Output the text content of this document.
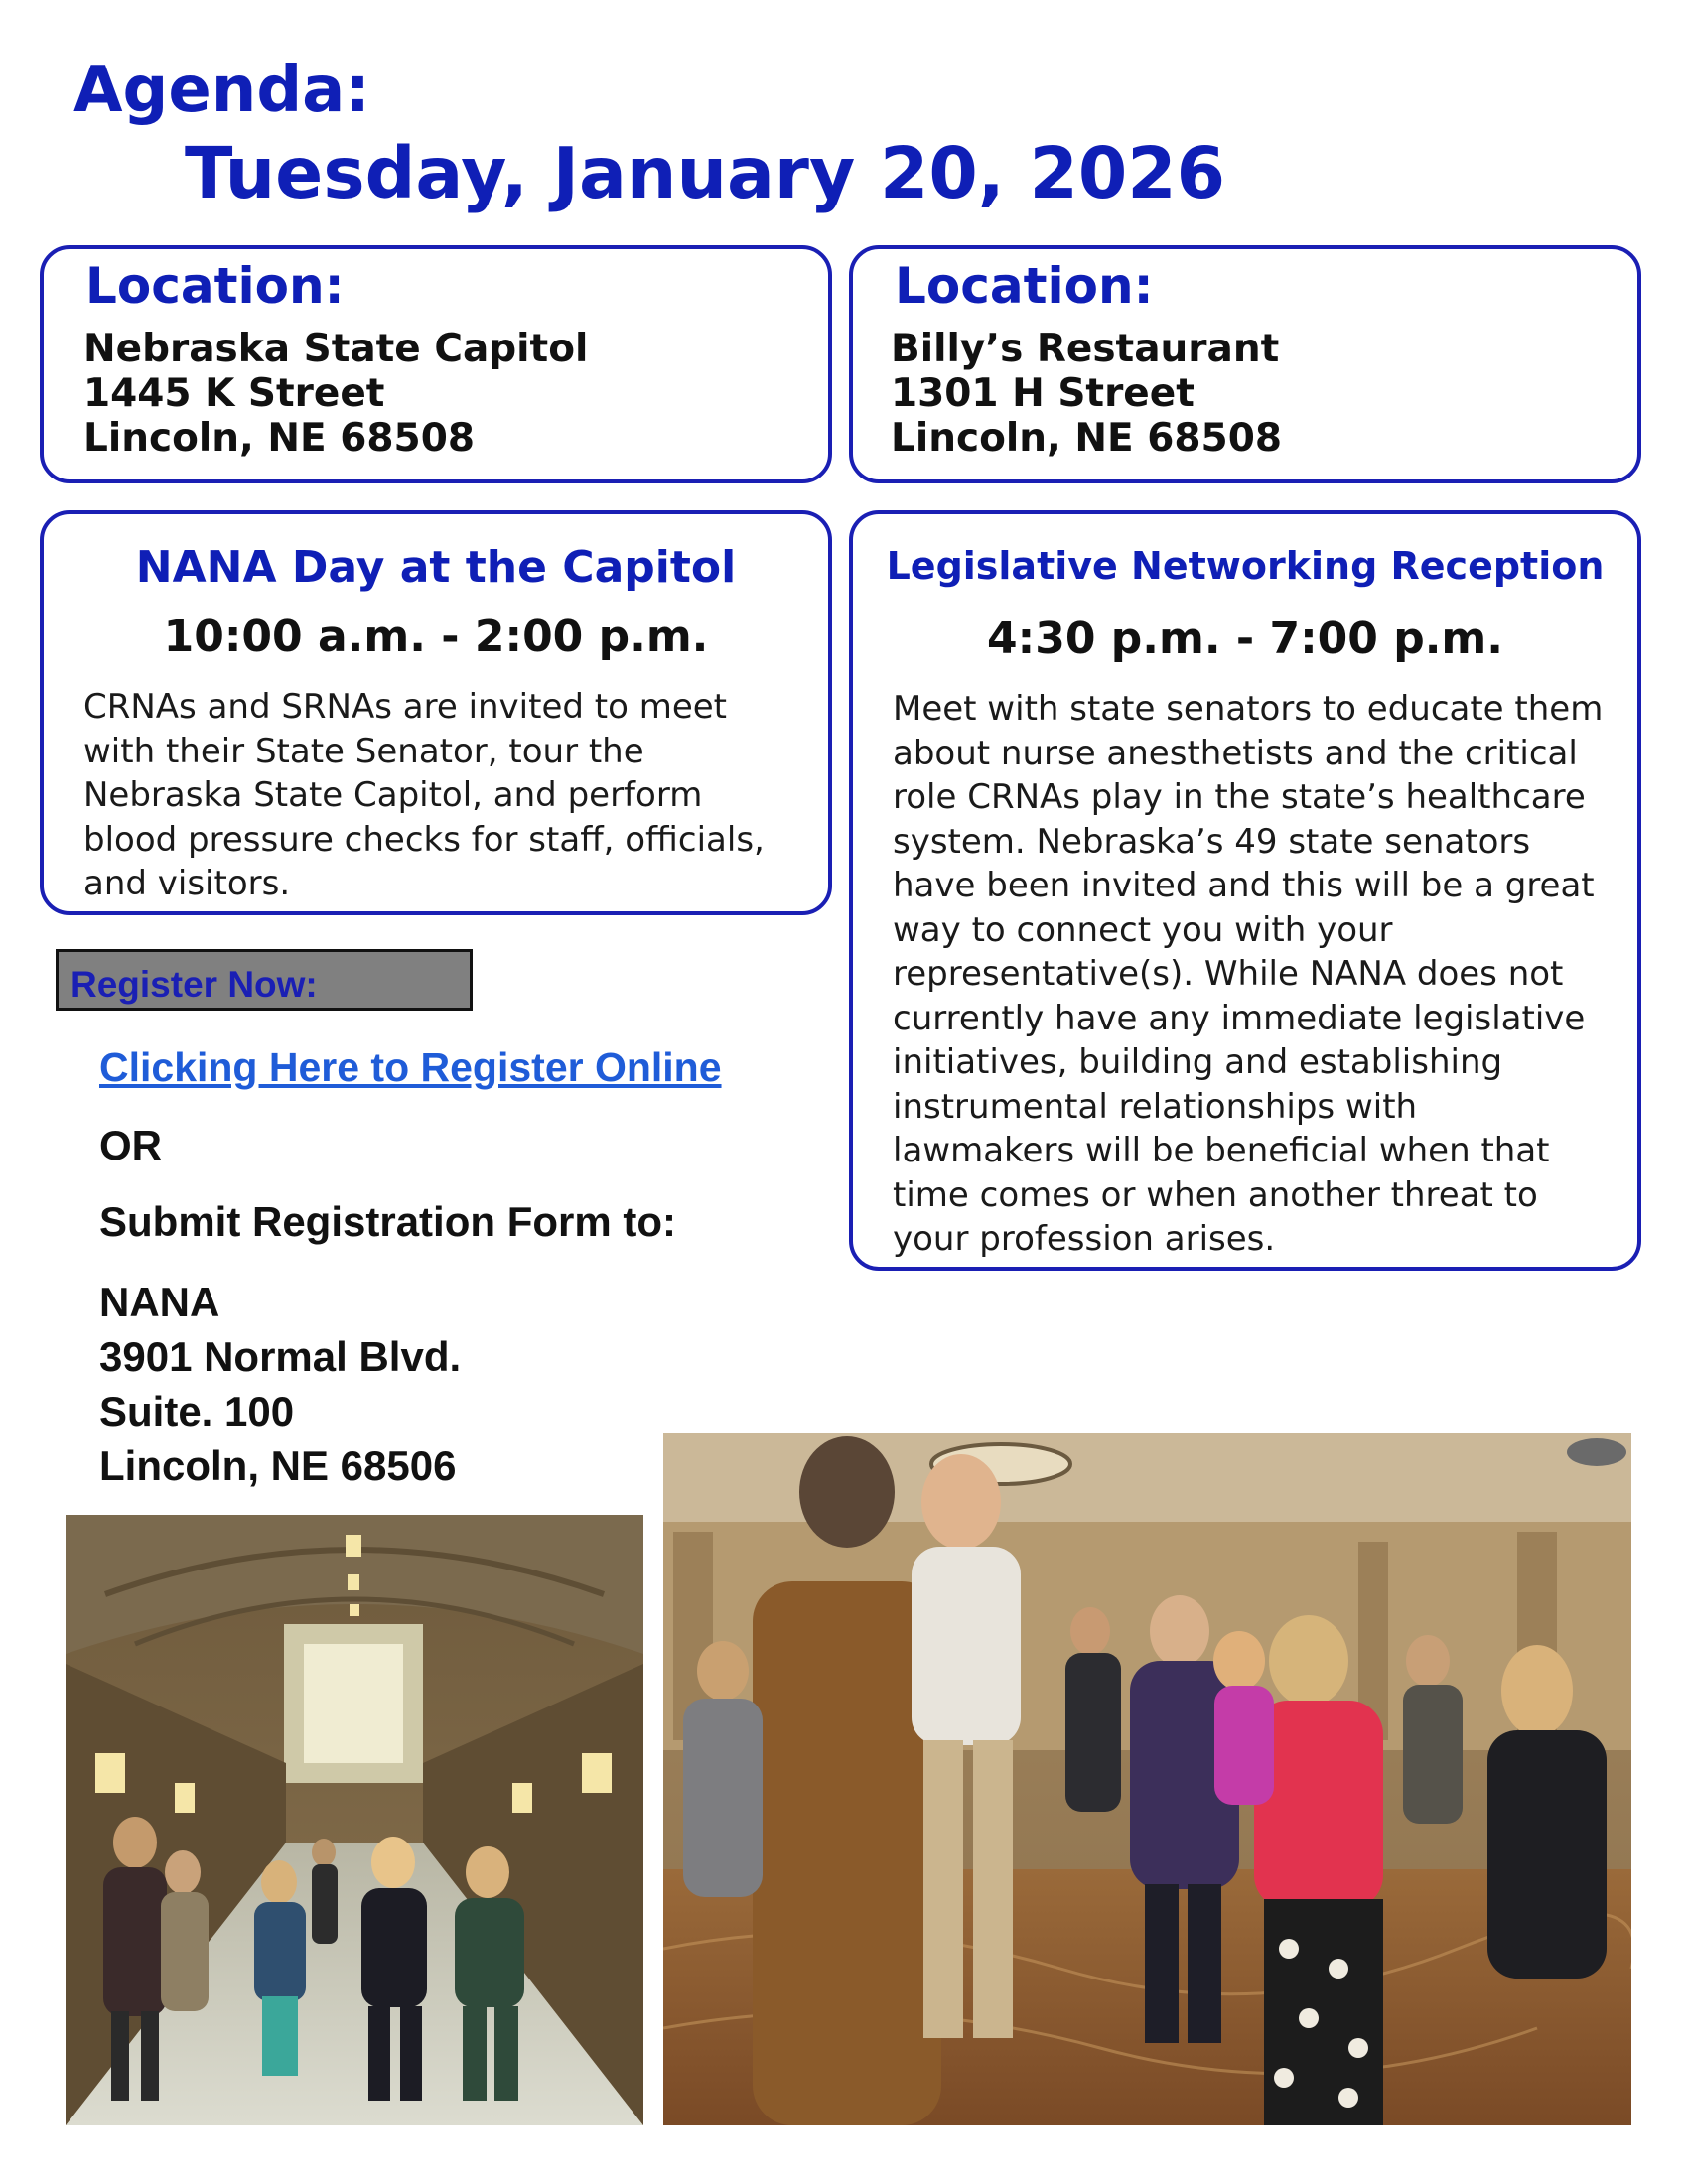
Agenda:
Tuesday, January 20, 2026
Location:
Nebraska State Capitol
1445 K Street
Lincoln, NE 68508
Location:
Billy’s Restaurant
1301 H Street
Lincoln, NE 68508
NANA Day at the Capitol
10:00 a.m. - 2:00 p.m.
CRNAs and SRNAs are invited to meet with their State Senator, tour the Nebraska State Capitol, and perform blood pressure checks for staff, officials, and visitors.
Legislative Networking Reception
4:30 p.m. - 7:00 p.m.
Meet with state senators to educate them about nurse anesthetists and the critical role CRNAs play in the state’s healthcare system. Nebraska’s 49 state senators have been invited and this will be a great way to connect you with your representative(s). While NANA does not currently have any immediate legislative initiatives, building and establishing instrumental relationships with lawmakers will be beneficial when that time comes or when another threat to your profession arises.
Register Now:
Clicking Here to Register Online
OR
Submit Registration Form to:
NANA
3901 Normal Blvd.
Suite. 100
Lincoln, NE 68506
